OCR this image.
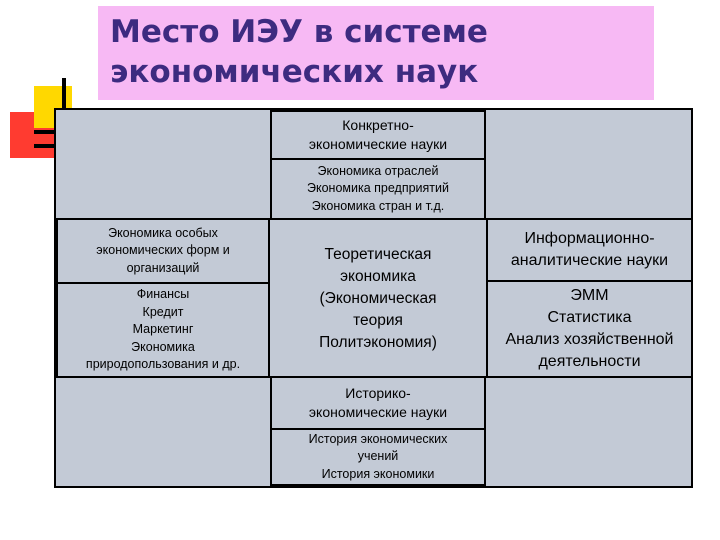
Место ИЭУ в системе
экономических наук
Конкретно-
экономические науки
Экономика отраслей
Экономика предприятий
Экономика стран и т.д.
Экономика особых
экономических форм и
организаций
Финансы
Кредит
Маркетинг
Экономика
природопользования и др.
Теоретическая
экономика
(Экономическая
теория
Политэкономия)
Информационно-
аналитические науки
ЭММ
Статистика
Анализ хозяйственной
деятельности
Историко-
экономические науки
История экономических
учений
История экономики
